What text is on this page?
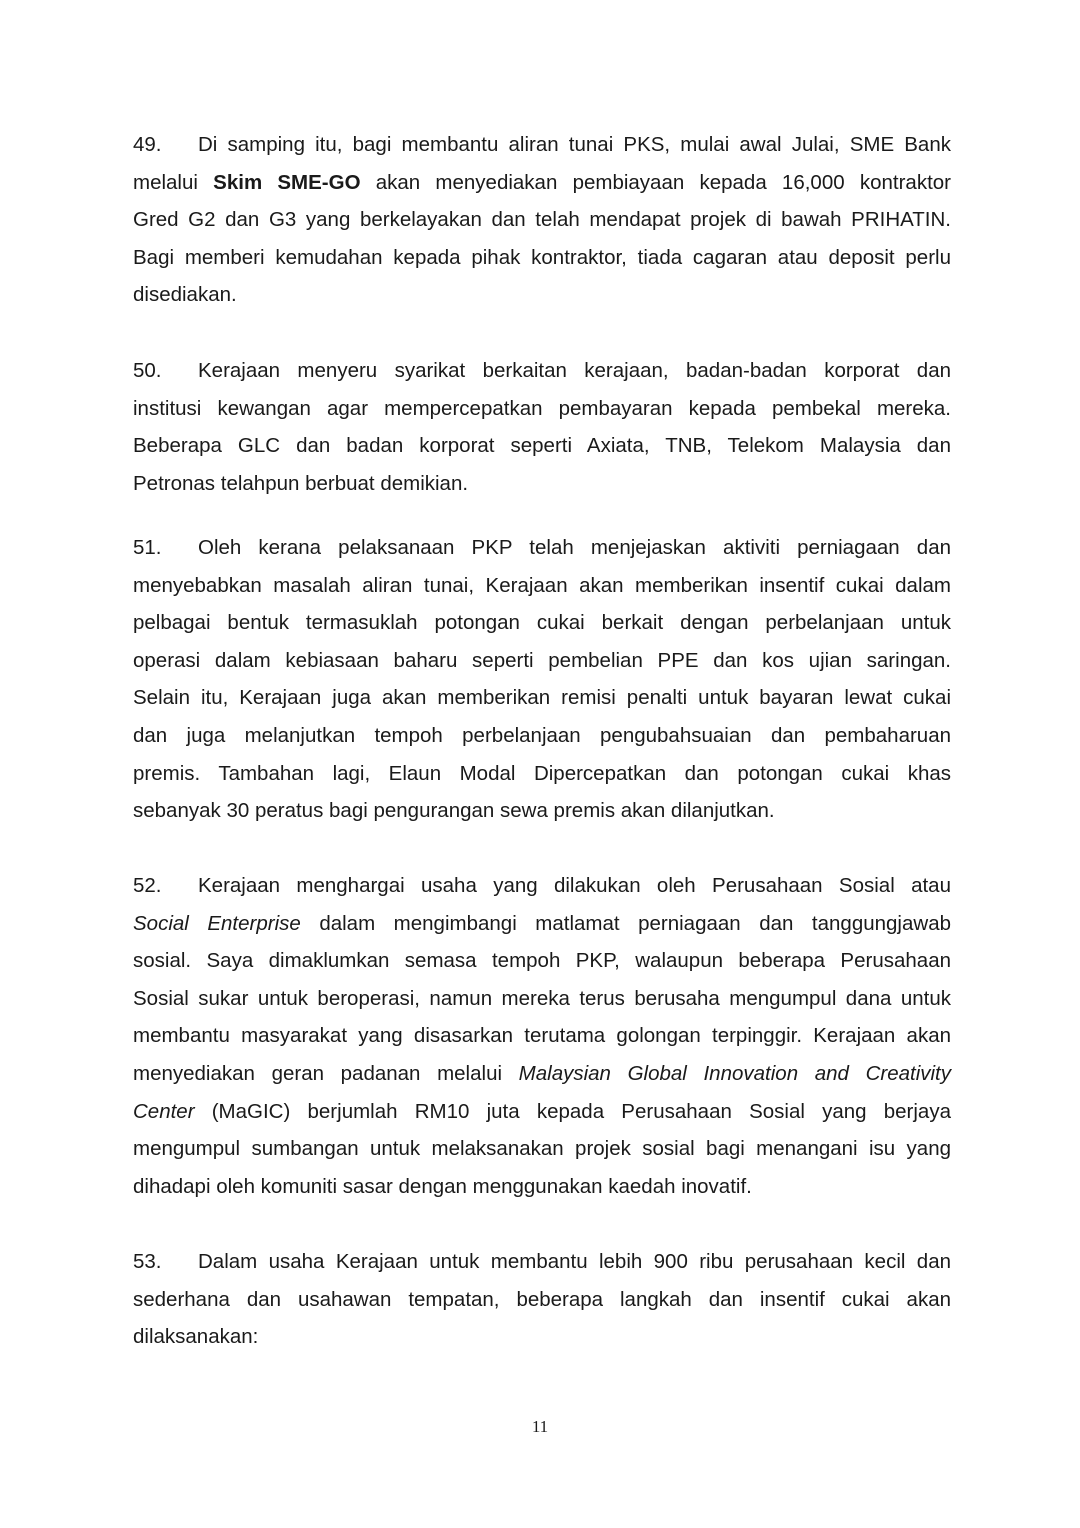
49. Di samping itu, bagi membantu aliran tunai PKS, mulai awal Julai, SME Bank
melalui Skim SME-GO akan menyediakan pembiayaan kepada 16,000 kontraktor
Gred G2 dan G3 yang berkelayakan dan telah mendapat projek di bawah PRIHATIN.
Bagi memberi kemudahan kepada pihak kontraktor, tiada cagaran atau deposit perlu
disediakan.
50. Kerajaan menyeru syarikat berkaitan kerajaan, badan-badan korporat dan
institusi kewangan agar mempercepatkan pembayaran kepada pembekal mereka.
Beberapa GLC dan badan korporat seperti Axiata, TNB, Telekom Malaysia dan
Petronas telahpun berbuat demikian.
51. Oleh kerana pelaksanaan PKP telah menjejaskan aktiviti perniagaan dan
menyebabkan masalah aliran tunai, Kerajaan akan memberikan insentif cukai dalam
pelbagai bentuk termasuklah potongan cukai berkait dengan perbelanjaan untuk
operasi dalam kebiasaan baharu seperti pembelian PPE dan kos ujian saringan.
Selain itu, Kerajaan juga akan memberikan remisi penalti untuk bayaran lewat cukai
dan juga melanjutkan tempoh perbelanjaan pengubahsuaian dan pembaharuan
premis. Tambahan lagi, Elaun Modal Dipercepatkan dan potongan cukai khas
sebanyak 30 peratus bagi pengurangan sewa premis akan dilanjutkan.
52. Kerajaan menghargai usaha yang dilakukan oleh Perusahaan Sosial atau
Social Enterprise dalam mengimbangi matlamat perniagaan dan tanggungjawab
sosial. Saya dimaklumkan semasa tempoh PKP, walaupun beberapa Perusahaan
Sosial sukar untuk beroperasi, namun mereka terus berusaha mengumpul dana untuk
membantu masyarakat yang disasarkan terutama golongan terpinggir. Kerajaan akan
menyediakan geran padanan melalui Malaysian Global Innovation and Creativity
Center (MaGIC) berjumlah RM10 juta kepada Perusahaan Sosial yang berjaya
mengumpul sumbangan untuk melaksanakan projek sosial bagi menangani isu yang
dihadapi oleh komuniti sasar dengan menggunakan kaedah inovatif.
53. Dalam usaha Kerajaan untuk membantu lebih 900 ribu perusahaan kecil dan
sederhana dan usahawan tempatan, beberapa langkah dan insentif cukai akan
dilaksanakan:
11
